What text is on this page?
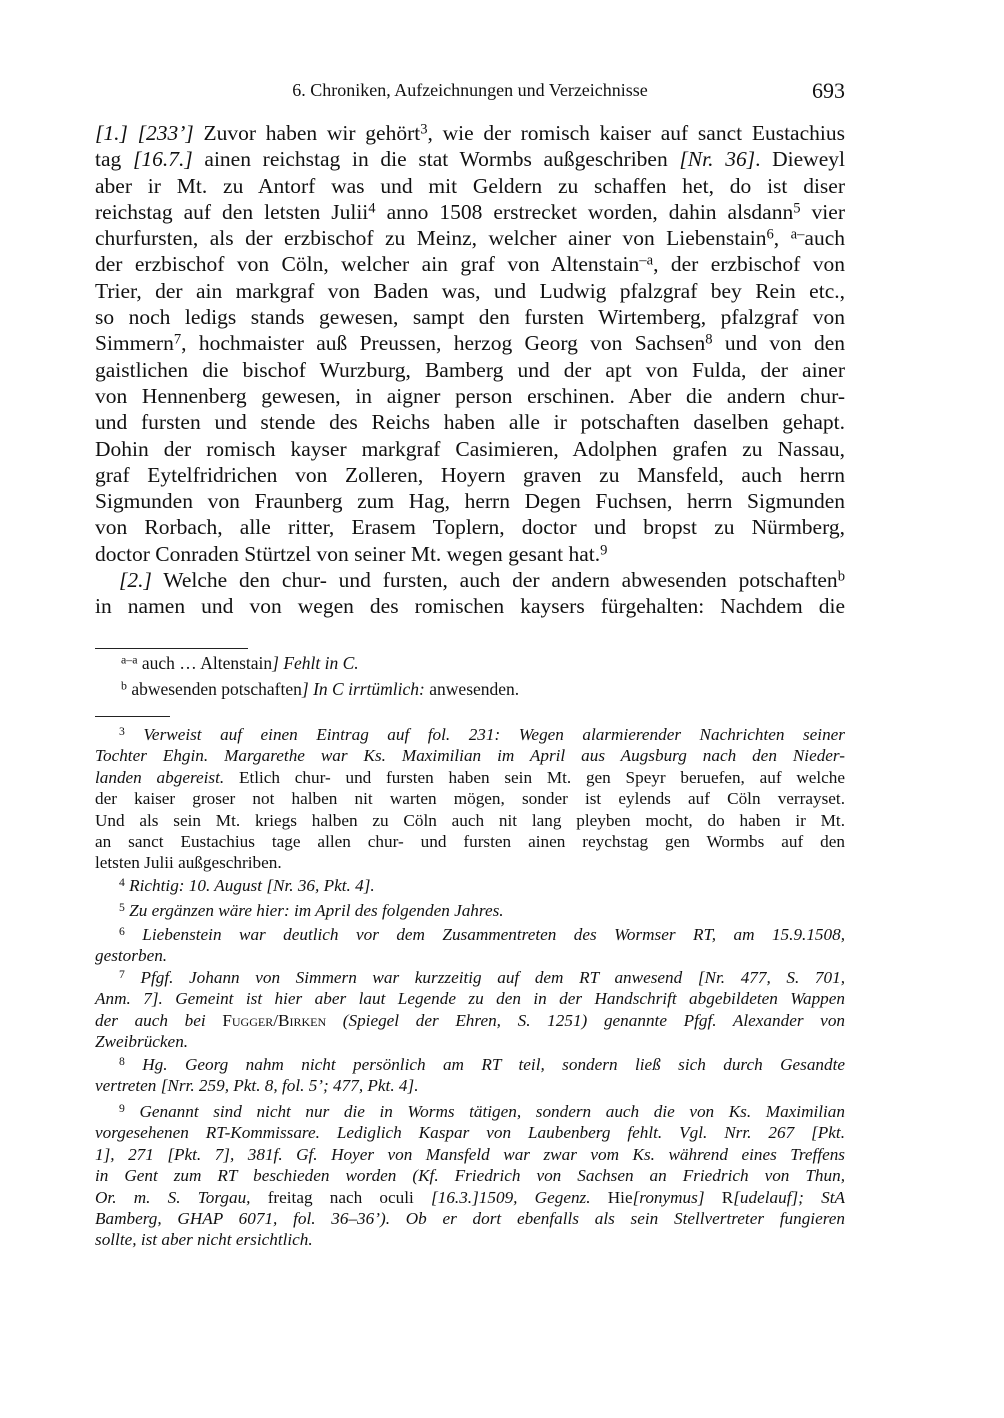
6. Chroniken, Aufzeichnungen und Verzeichnisse	693
[1.] [233’] Zuvor haben wir gehört$^3$, wie der romisch kaiser auf sanct Eustachius
tag [16.7.] ainen reichstag in die stat Wormbs außgeschriben [Nr. 36]. Dieweyl
aber ir Mt. zu Antorf was und mit Geldern zu schaffen het, do ist diser
reichstag auf den letsten Julii$^4$ anno 1508 erstrecket worden, dahin alsdann$^5$ vier
churfursten, als der erzbischof zu Meinz, welcher ainer von Liebenstain$^6$, $^{a-}$auch
der erzbischof von Cöln, welcher ain graf von Altenstain$^{-a}$, der erzbischof von
Trier, der ain markgraf von Baden was, und Ludwig pfalzgraf bey Rein etc.,
so noch ledigs stands gewesen, sampt den fursten Wirtemberg, pfalzgraf von
Simmern$^7$, hochmaister auß Preussen, herzog Georg von Sachsen$^8$ und von den
gaistlichen die bischof Wurzburg, Bamberg und der apt von Fulda, der ainer
von Hennenberg gewesen, in aigner person erschinen. Aber die andern chur-
und fursten und stende des Reichs haben alle ir potschaften daselben gehapt.
Dohin der romisch kayser markgraf Casimieren, Adolphen grafen zu Nassau,
graf Eytelfridrichen von Zolleren, Hoyern graven zu Mansfeld, auch herrn
Sigmunden von Fraunberg zum Hag, herrn Degen Fuchsen, herrn Sigmunden
von Rorbach, alle ritter, Erasem Toplern, doctor und bropst zu Nürmberg,
doctor Conraden Stürtzel von seiner Mt. wegen gesant hat.$^9$
[2.] Welche den chur- und fursten, auch der andern abwesenden potschaften$^b$
in namen und von wegen des romischen kaysers fürgehalten: Nachdem die
$^{a-a}$ auch … Altenstain] Fehlt in C.
$^b$ abwesenden potschaften] In C irrtümlich: anwesenden.
$^3$ Verweist auf einen Eintrag auf fol. 231: Wegen alarmierender Nachrichten seiner
Tochter Ehgin. Margarethe war Ks. Maximilian im April aus Augsburg nach den Nieder-
landen abgereist. Etlich chur- und fursten haben sein Mt. gen Speyr beruefen, auf welche
der kaiser groser not halben nit warten mögen, sonder ist eylends auf Cöln verrayset.
Und als sein Mt. kriegs halben zu Cöln auch nit lang pleyben mocht, do haben ir Mt.
an sanct Eustachius tage allen chur- und fursten ainen reychstag gen Wormbs auf den
letsten Julii außgeschriben.
$^4$ Richtig: 10. August [Nr. 36, Pkt. 4].
$^5$ Zu ergänzen wäre hier: im April des folgenden Jahres.
$^6$ Liebenstein war deutlich vor dem Zusammentreten des Wormser RT, am 15.9.1508,
gestorben.
$^7$ Pfgf. Johann von Simmern war kurzzeitig auf dem RT anwesend [Nr. 477, S. 701,
Anm. 7]. Gemeint ist hier aber laut Legende zu den in der Handschrift abgebildeten Wappen
der auch bei Fugger/Birken (Spiegel der Ehren, S. 1251) genannte Pfgf. Alexander von
Zweibrücken.
$^8$ Hg. Georg nahm nicht persönlich am RT teil, sondern ließ sich durch Gesandte
vertreten [Nrr. 259, Pkt. 8, fol. 5’; 477, Pkt. 4].
$^9$ Genannt sind nicht nur die in Worms tätigen, sondern auch die von Ks. Maximilian
vorgesehenen RT-Kommissare. Lediglich Kaspar von Laubenberg fehlt. Vgl. Nrr. 267 [Pkt.
1], 271 [Pkt. 7], 381f. Gf. Hoyer von Mansfeld war zwar vom Ks. während eines Treffens
in Gent zum RT beschieden worden (Kf. Friedrich von Sachsen an Friedrich von Thun,
Or. m. S. Torgau, freitag nach oculi [16.3.]1509, Gegenz. Hie[ronymus] R[udelauf]; StA
Bamberg, GHAP 6071, fol. 36–36’). Ob er dort ebenfalls als sein Stellvertreter fungieren
sollte, ist aber nicht ersichtlich.
